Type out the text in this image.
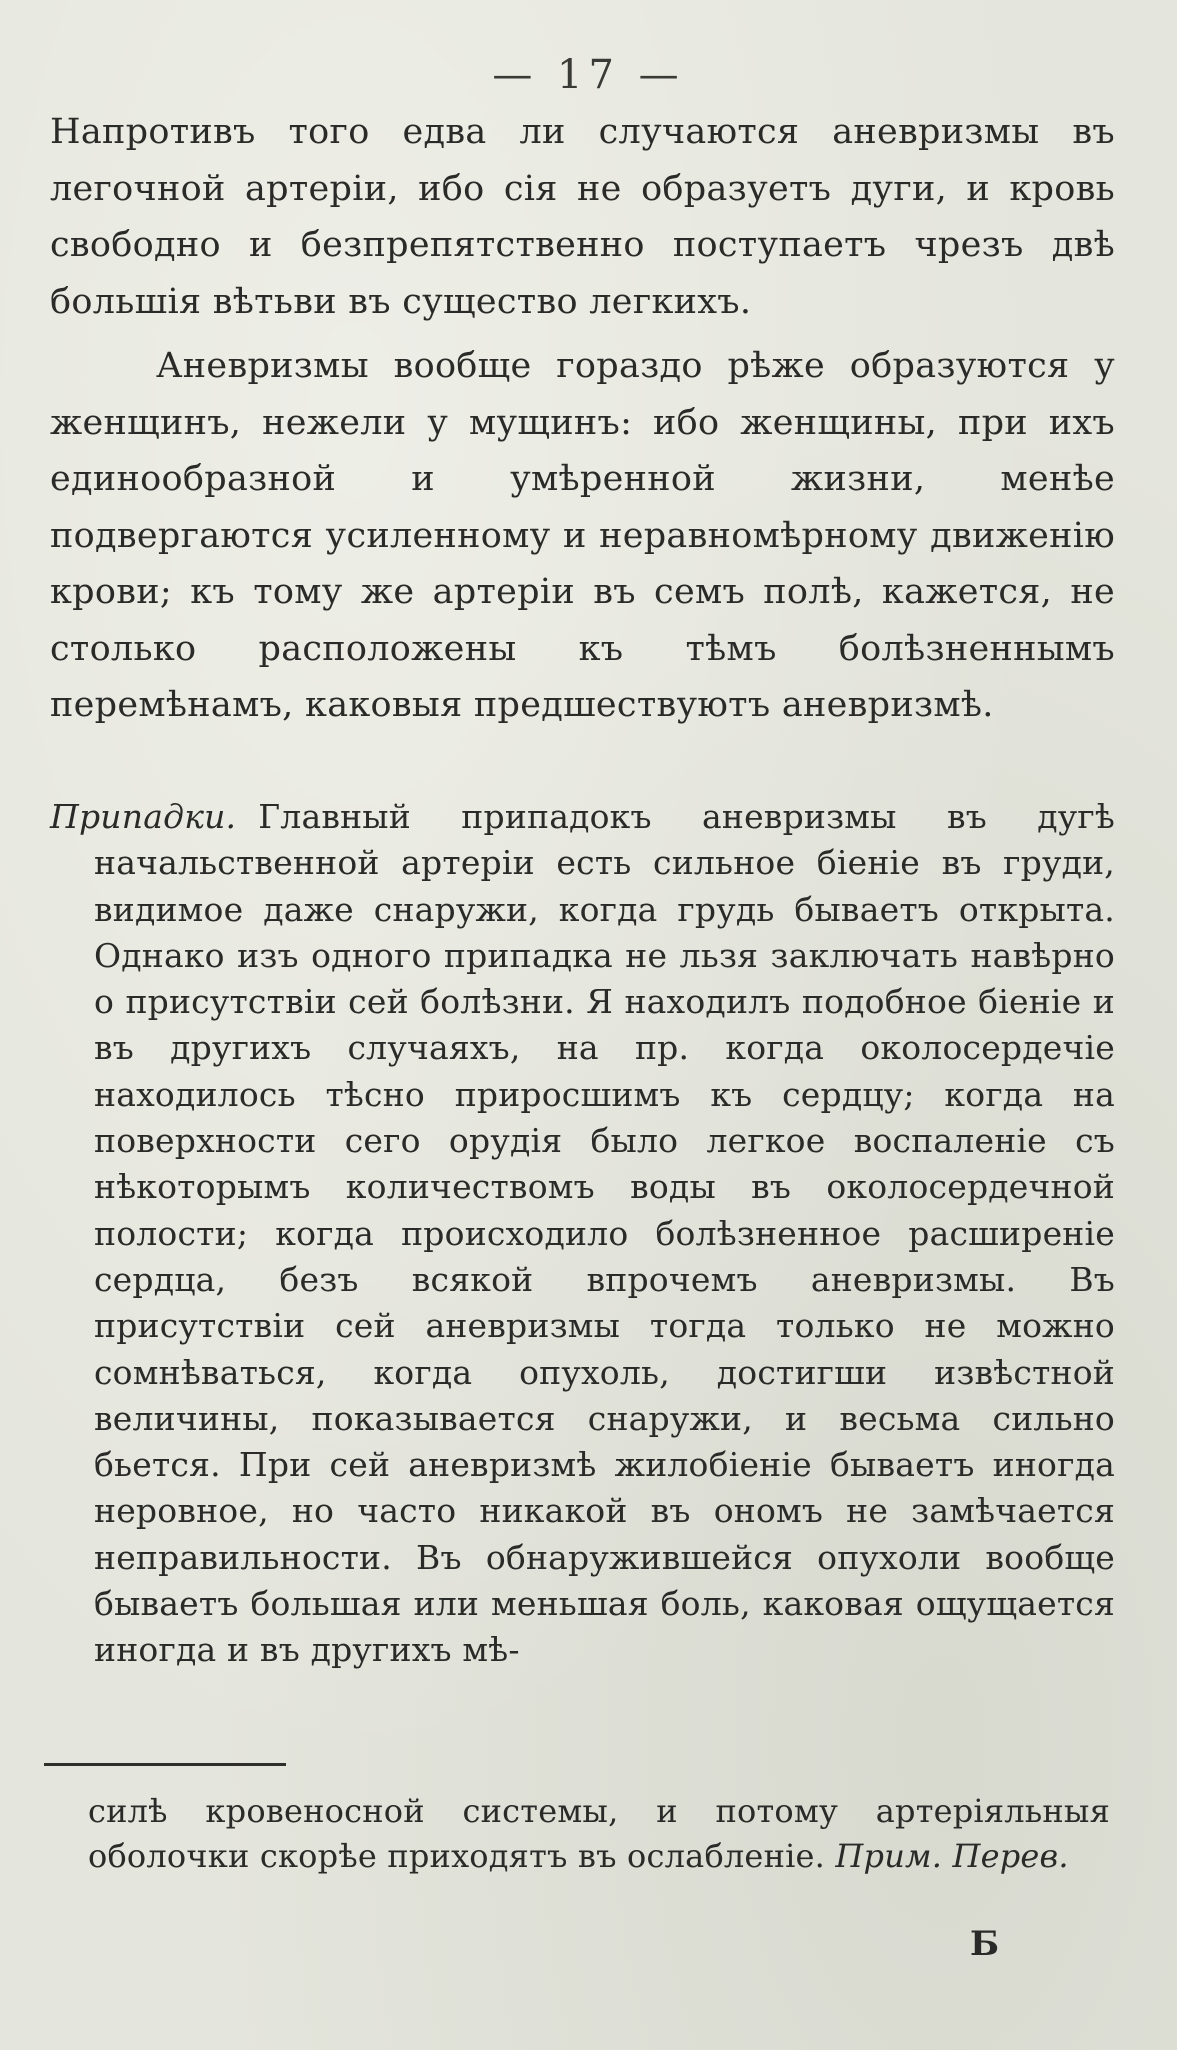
— 17 —

Напротивъ того едва ли случаются аневризмы въ легочной артеріи, ибо сія не образуетъ дуги, и кровь свободно и безпрепятственно поступаетъ чрезъ двѣ большія вѣтьви въ существо легкихъ.

Аневризмы вообще гораздо рѣже образуются у женщинъ, нежели у мущинъ: ибо женщины, при ихъ единообразной и умѣренной жизни, менѣе подвергаются усиленному и неравномѣрному движенію крови; къ тому же артеріи въ семъ полѣ, кажется, не столько расположены къ тѣмъ болѣзненнымъ перемѣнамъ, каковыя предшествуютъ аневризмѣ.

Припадки. Главный припадокъ аневризмы въ дугѣ начальственной артеріи есть сильное біеніе въ груди, видимое даже снаружи, когда грудь бываетъ открыта. Однако изъ одного припадка не льзя заключать навѣрно о присутствіи сей болѣзни. Я находилъ подобное біеніе и въ другихъ случаяхъ, на пр. когда околосердечіе находилось тѣсно приросшимъ къ сердцу; когда на поверхности сего орудія было легкое воспаленіе съ нѣкоторымъ количествомъ воды въ околосердечной полости; когда происходило болѣзненное расширеніе сердца, безъ всякой впрочемъ аневризмы. Въ присутствіи сей аневризмы тогда только не можно сомнѣваться, когда опухоль, достигши извѣстной величины, показывается снаружи, и весьма сильно бьется. При сей аневризмѣ жилобіеніе бываетъ иногда неровное, но часто никакой въ ономъ не замѣчается неправильности. Въ обнаружившейся опухоли вообще бываетъ большая или меньшая боль, каковая ощущается иногда и въ другихъ мѣ-
силѣ кровеносной системы, и потому артеріяльныя оболочки скорѣе приходятъ въ ослабленіе. Прим. Перев.
Б
